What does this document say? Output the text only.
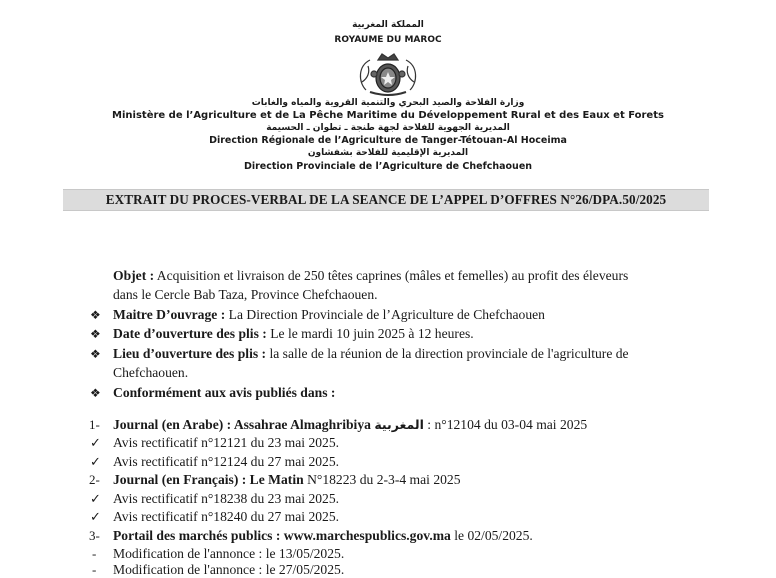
المملكة المغربية
ROYAUME DU MAROC
وزارة الفلاحة والصيد البحري والتنمية القروية والمياه والغابات
Ministère de l’Agriculture et de La Pêche Maritime du Développement Rural et des Eaux et Forets
المديرية الجهوية للفلاحة لجهة طنجة ـ تطوان ـ الحسيمة
Direction Régionale de l’Agriculture de Tanger-Tétouan-Al Hoceima
المديرية الإقليمية للفلاحة بشفشاون
Direction Provinciale de l’Agriculture de Chefchaouen
EXTRAIT DU PROCES-VERBAL DE LA SEANCE DE L’APPEL D’OFFRES N°26/DPA.50/2025
Objet : Acquisition et livraison de 250 têtes caprines (mâles et femelles) au profit des éleveurs
dans le Cercle Bab Taza, Province Chefchaouen.
❖ Maitre D’ouvrage : La Direction Provinciale de l’Agriculture de Chefchaouen
❖ Date d’ouverture des plis : Le le mardi 10 juin 2025 à 12 heures.
❖ Lieu d’ouverture des plis : la salle de la réunion de la direction provinciale de l'agriculture de
Chefchaouen.
❖ Conformément aux avis publiés dans :
1- Journal (en Arabe) : Assahrae Almaghribiya المغربية : n°12104 du 03-04 mai 2025
✓ Avis rectificatif n°12121 du 23 mai 2025.
✓ Avis rectificatif n°12124 du 27 mai 2025.
2- Journal (en Français) : Le Matin N°18223 du 2-3-4 mai 2025
✓ Avis rectificatif n°18238 du 23 mai 2025.
✓ Avis rectificatif n°18240 du 27 mai 2025.
3- Portail des marchés publics : www.marchespublics.gov.ma le 02/05/2025.
- Modification de l'annonce : le 13/05/2025.
- Modification de l'annonce : le 27/05/2025.
